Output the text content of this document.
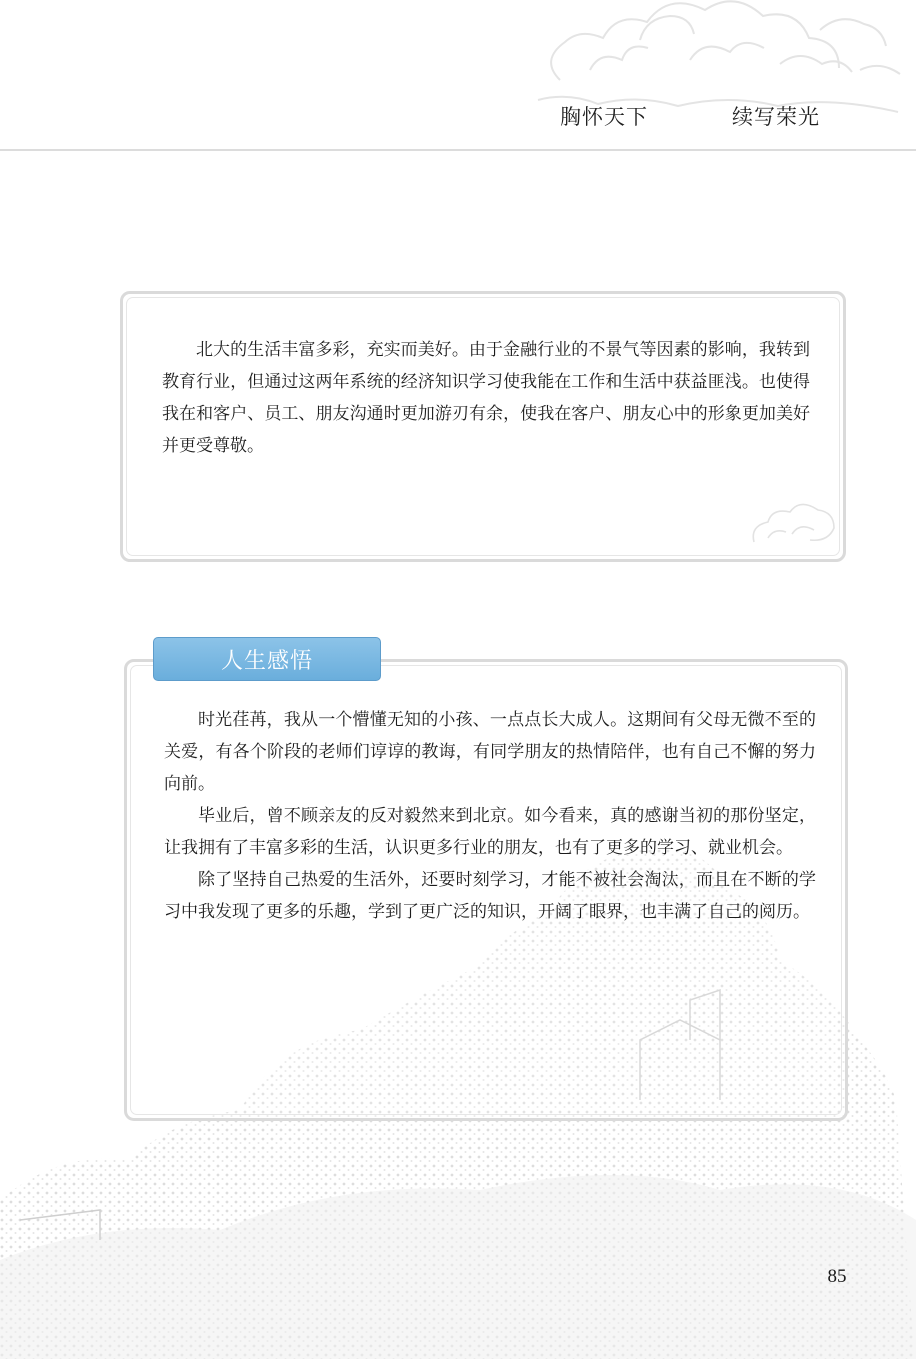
胸怀天下	续写荣光

北大的生活丰富多彩，充实而美好。由于金融行业的不景气等因素的影响，我转到教育行业，但通过这两年系统的经济知识学习使我能在工作和生活中获益匪浅。也使得我在和客户、员工、朋友沟通时更加游刃有余，使我在客户、朋友心中的形象更加美好并更受尊敬。

人生感悟

时光荏苒，我从一个懵懂无知的小孩、一点点长大成人。这期间有父母无微不至的关爱，有各个阶段的老师们谆谆的教诲，有同学朋友的热情陪伴，也有自己不懈的努力向前。

毕业后，曾不顾亲友的反对毅然来到北京。如今看来，真的感谢当初的那份坚定，让我拥有了丰富多彩的生活，认识更多行业的朋友，也有了更多的学习、就业机会。

除了坚持自己热爱的生活外，还要时刻学习，才能不被社会淘汰，而且在不断的学习中我发现了更多的乐趣，学到了更广泛的知识，开阔了眼界，也丰满了自己的阅历。

85
